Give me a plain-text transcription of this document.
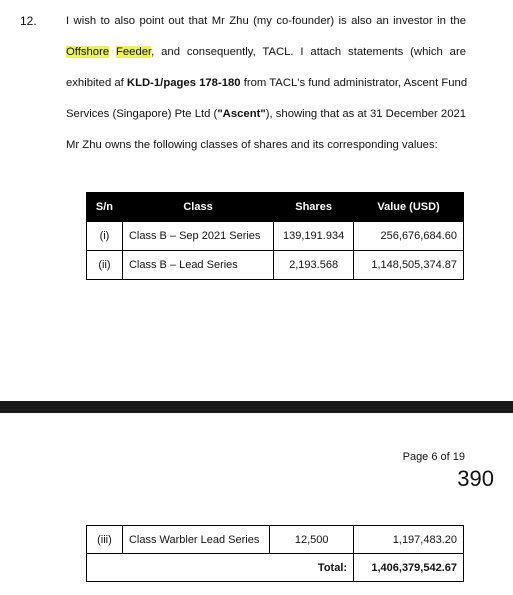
12.	I wish to also point out that Mr Zhu (my co-founder) is also an investor in the
Offshore Feeder, and consequently, TACL. I attach statements (which are
exhibited af KLD-1/pages 178-180 from TACL's fund administrator, Ascent Fund
Services (Singapore) Pte Ltd ("Ascent"), showing that as at 31 December 2021
Mr Zhu owns the following classes of shares and its corresponding values:
S/n	Class	Shares	Value (USD)
(i)	Class B – Sep 2021 Series	139,191.934	256,676,684.60
(ii)	Class B – Lead Series	2,193.568	1,148,505,374.87
Page 6 of 19
390
(iii)	Class Warbler Lead Series	12,500	1,197,483.20
		Total:	1,406,379,542.67
